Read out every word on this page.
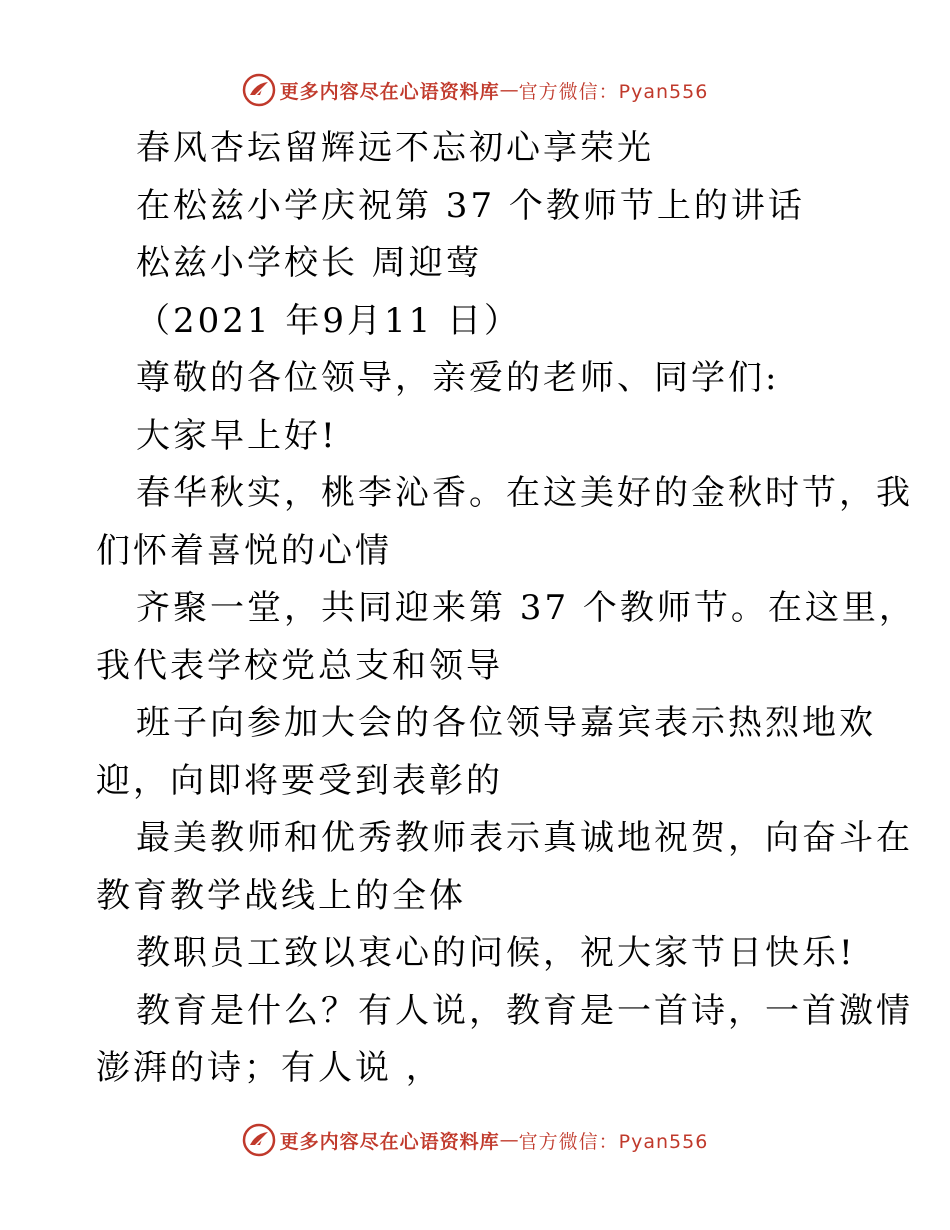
更多内容尽在心语资料库 — 官方微信：Pyan556
春风杏坛留辉远不忘初心享荣光
在松兹小学庆祝第 37 个教师节上的讲话
松兹小学校长 周迎莺
（2021 年9月11 日）
尊敬的各位领导，亲爱的老师、同学们:
大家早上好!
春华秋实，桃李沁香。在这美好的金秋时节，我
们怀着喜悦的心情
齐聚一堂，共同迎来第 37 个教师节。在这里，
我代表学校党总支和领导
班子向参加大会的各位领导嘉宾表示热烈地欢
迎，向即将要受到表彰的
最美教师和优秀教师表示真诚地祝贺，向奋斗在
教育教学战线上的全体
教职员工致以衷心的问候，祝大家节日快乐!
教育是什么？有人说，教育是一首诗，一首激情
澎湃的诗；有人说 ，
更多内容尽在心语资料库 — 官方微信：Pyan556
